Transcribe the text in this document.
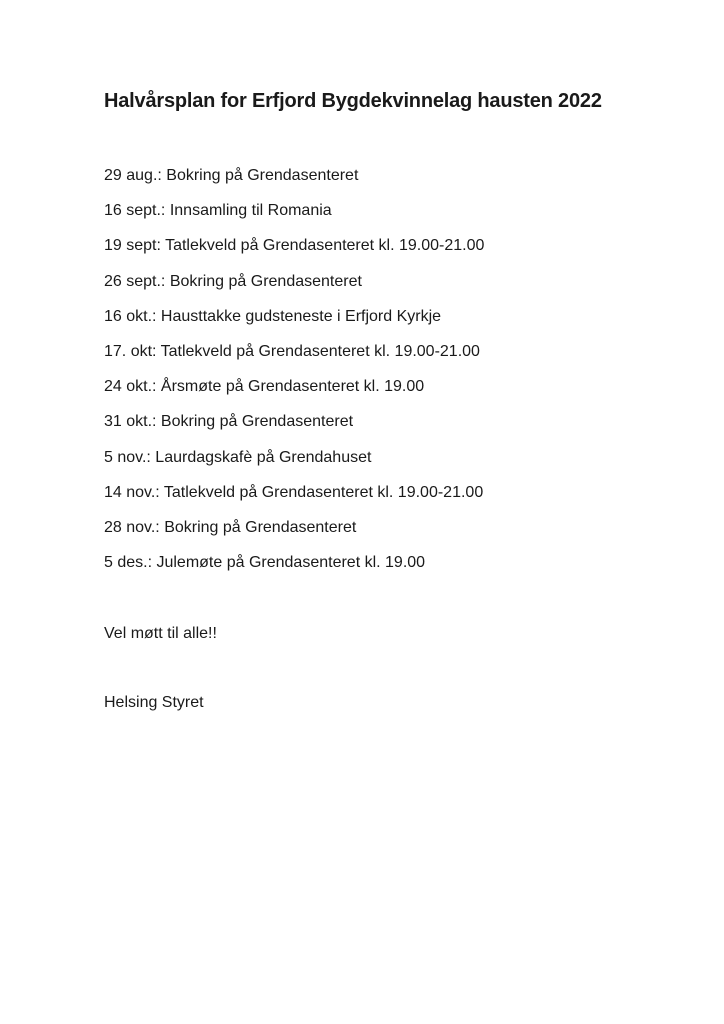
Halvårsplan for Erfjord Bygdekvinnelag hausten 2022
29 aug.: Bokring på Grendasenteret
16 sept.: Innsamling til Romania
19 sept: Tatlekveld på Grendasenteret kl. 19.00-21.00
26 sept.: Bokring på Grendasenteret
16 okt.: Hausttakke gudsteneste i Erfjord Kyrkje
17. okt: Tatlekveld på Grendasenteret kl. 19.00-21.00
24 okt.: Årsmøte på Grendasenteret kl. 19.00
31 okt.: Bokring på Grendasenteret
5 nov.: Laurdagskafè på Grendahuset
14 nov.: Tatlekveld på Grendasenteret kl. 19.00-21.00
28 nov.: Bokring på Grendasenteret
5 des.: Julemøte på Grendasenteret kl. 19.00

Vel møtt til alle!!

Helsing Styret
